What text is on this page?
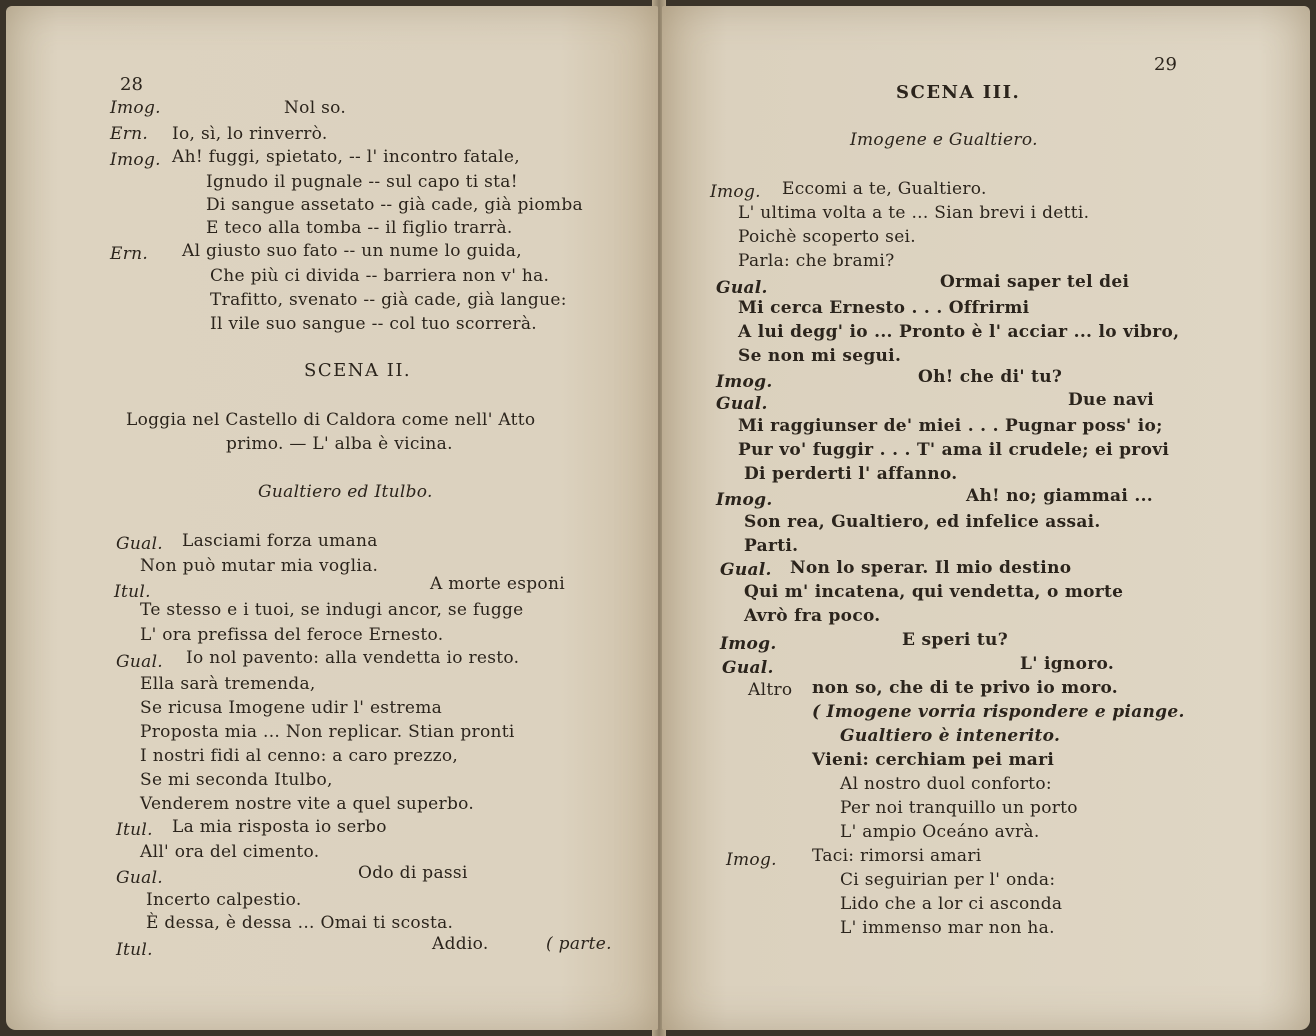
28
Imog.	Nol so.
Ern. Io, sì, lo rinverrò.
Imog. Ah! fuggi, spietato, -- l' incontro fatale,
Ignudo il pugnale -- sul capo ti sta!
Di sangue assetato -- già cade, già piomba
E teco alla tomba -- il figlio trarrà.
Ern. Al giusto suo fato -- un nume lo guida,
Che più ci divida -- barriera non v' ha.
Trafitto, svenato -- già cade, già langue:
Il vile suo sangue -- col tuo scorrerà.
SCENA II.
Loggia nel Castello di Caldora come nell' Atto
primo. — L' alba è vicina.
Gualtiero ed Itulbo.
Gual. Lasciami forza umana
Non può mutar mia voglia.
Itul.	A morte esponi
Te stesso e i tuoi, se indugi ancor, se fugge
L' ora prefissa del feroce Ernesto.
Gual. Io nol pavento: alla vendetta io resto.
Ella sarà tremenda,
Se ricusa Imogene udir l' estrema
Proposta mia ... Non replicar. Stian pronti
I nostri fidi al cenno: a caro prezzo,
Se mi seconda Itulbo,
Venderem nostre vite a quel superbo.
Itul. La mia risposta io serbo
All' ora del cimento.
Gual.	Odo di passi
Incerto calpestio.
È dessa, è dessa ... Omai ti scosta.
Itul.	Addio.	( parte.
29
SCENA III.
Imogene e Gualtiero.
Imog. Eccomi a te, Gualtiero.
L' ultima volta a te ... Sian brevi i detti.
Poichè scoperto sei.
Parla: che brami?
Gual.	Ormai saper tel dei
Mi cerca Ernesto . . . Offrirmi
A lui degg' io ... Pronto è l' acciar ... lo vibro,
Se non mi segui.
Imog.	Oh! che di' tu?
Gual.	Due navi
Mi raggiunser de' miei . . . Pugnar poss' io;
Pur vo' fuggir . . . T' ama il crudele; ei provi
Di perderti l' affanno.
Imog.	Ah! no; giammai ...
Son rea, Gualtiero, ed infelice assai.
Parti.
Gual. Non lo sperar. Il mio destino
Qui m' incatena, qui vendetta, o morte
Avrò fra poco.
Imog.	E speri tu?
Gual.	L' ignoro.
Altro non so, che di te privo io moro.
( Imogene vorria rispondere e piange.
Gualtiero è intenerito.
Vieni: cerchiam pei mari
Al nostro duol conforto:
Per noi tranquillo un porto
L' ampio Oceáno avrà.
Imog. Taci: rimorsi amari
Ci seguirian per l' onda:
Lido che a lor ci asconda
L' immenso mar non ha.
